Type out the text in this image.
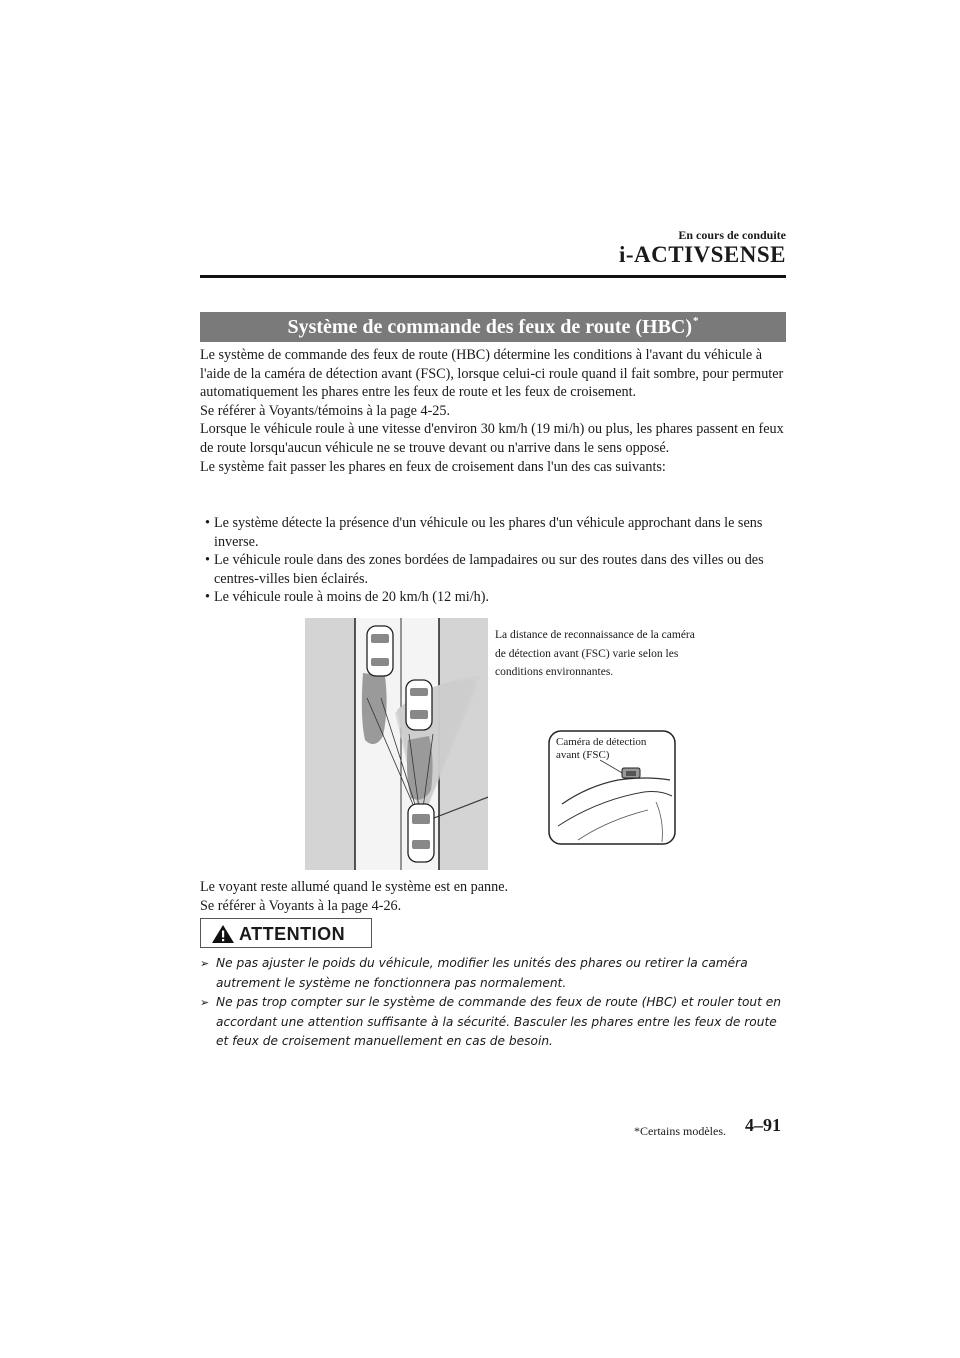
En cours de conduite
i-ACTIVSENSE
Système de commande des feux de route (HBC)*

Le système de commande des feux de route (HBC) détermine les conditions à l'avant du véhicule à l'aide de la caméra de détection avant (FSC), lorsque celui-ci roule quand il fait sombre, pour permuter automatiquement les phares entre les feux de route et les feux de croisement.

Se référer à Voyants/témoins à la page 4-25.

Lorsque le véhicule roule à une vitesse d'environ 30 km/h (19 mi/h) ou plus, les phares passent en feux de route lorsqu'aucun véhicule ne se trouve devant ou n'arrive dans le sens opposé.

Le système fait passer les phares en feux de croisement dans l'un des cas suivants:

• Le système détecte la présence d'un véhicule ou les phares d'un véhicule approchant dans le sens inverse.
• Le véhicule roule dans des zones bordées de lampadaires ou sur des routes dans des villes ou des centres-villes bien éclairés.
• Le véhicule roule à moins de 20 km/h (12 mi/h).
La distance de reconnaissance de la caméra de détection avant (FSC) varie selon les conditions environnantes.
Caméra de détection avant (FSC)

Le voyant reste allumé quand le système est en panne.

Se référer à Voyants à la page 4-26.

ATTENTION
➢ Ne pas ajuster le poids du véhicule, modifier les unités des phares ou retirer la caméra autrement le système ne fonctionnera pas normalement.
➢ Ne pas trop compter sur le système de commande des feux de route (HBC) et rouler tout en accordant une attention suffisante à la sécurité. Basculer les phares entre les feux de route et feux de croisement manuellement en cas de besoin.
*Certains modèles. 4–91
